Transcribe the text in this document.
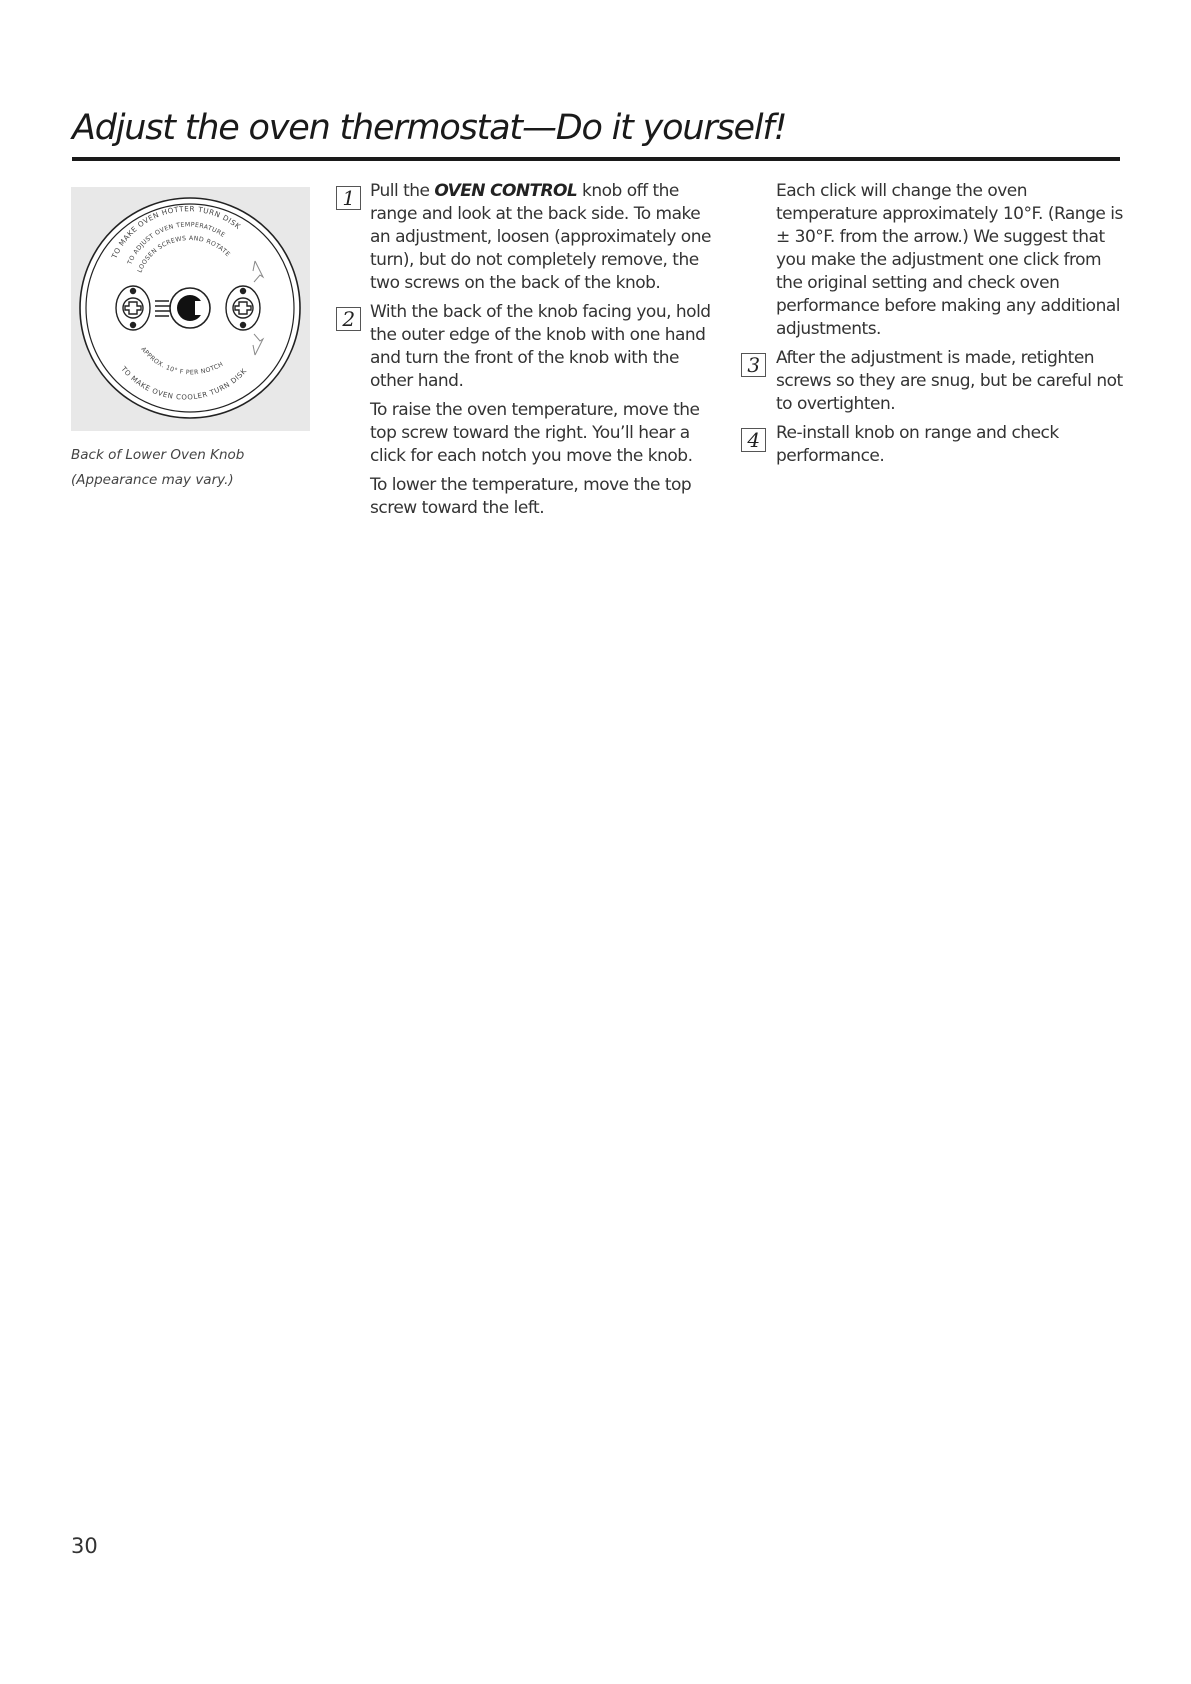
Adjust the oven thermostat—Do it yourself!
TO MAKE OVEN HOTTER TURN DISK
TO ADJUST OVEN TEMPERATURE
LOOSEN SCREWS AND ROTATE
APPROX. 10° F PER NOTCH
TO MAKE OVEN COOLER TURN DISK
Back of Lower Oven Knob
(Appearance may vary.)
1 Pull the OVEN CONTROL knob off the range and look at the back side. To make an adjustment, loosen (approximately one turn), but do not completely remove, the two screws on the back of the knob.
2 With the back of the knob facing you, hold the outer edge of the knob with one hand and turn the front of the knob with the other hand.
To raise the oven temperature, move the top screw toward the right. You’ll hear a click for each notch you move the knob.
To lower the temperature, move the top screw toward the left.
Each click will change the oven temperature approximately 10°F. (Range is ± 30°F. from the arrow.) We suggest that you make the adjustment one click from the original setting and check oven performance before making any additional adjustments.
3 After the adjustment is made, retighten screws so they are snug, but be careful not to overtighten.
4 Re-install knob on range and check performance.
30
